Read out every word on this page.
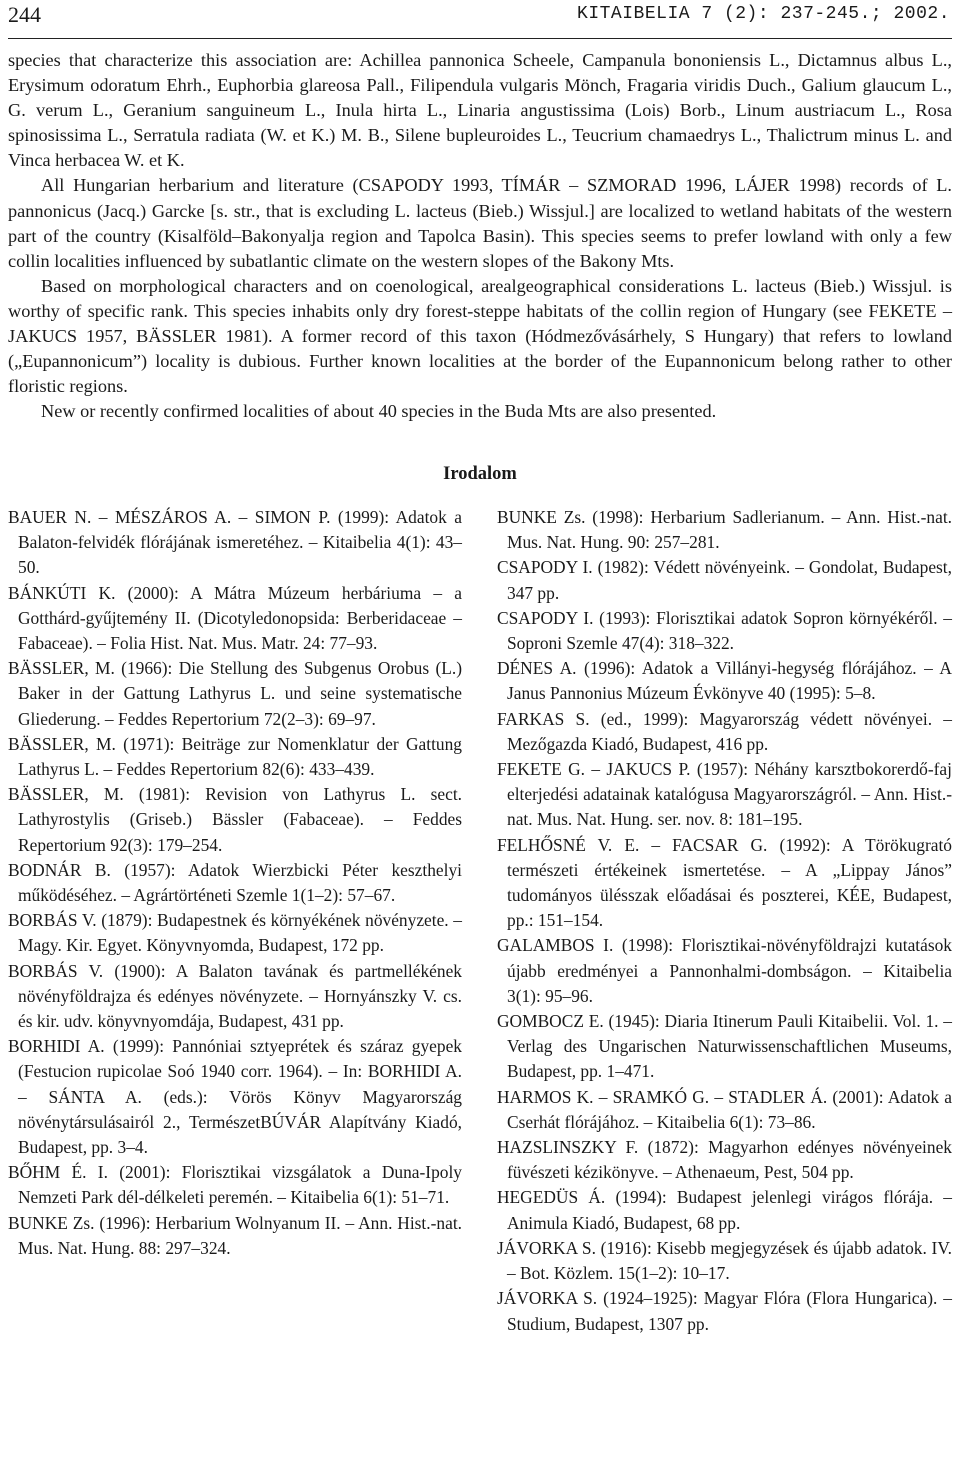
244	KITAIBELIA 7 (2): 237-245.; 2002.

species that characterize this association are: Achillea pannonica Scheele, Campanula bononiensis L., Dictamnus albus L., Erysimum odoratum Ehrh., Euphorbia glareosa Pall., Filipendula vulgaris Mönch, Fragaria viridis Duch., Galium glaucum L., G. verum L., Geranium sanguineum L., Inula hirta L., Linaria angustissima (Lois) Borb., Linum austriacum L., Rosa spinosissima L., Serratula radiata (W. et K.) M. B., Silene bupleuroides L., Teucrium chamaedrys L., Thalictrum minus L. and Vinca herbacea W. et K.

All Hungarian herbarium and literature (CSAPODY 1993, TÍMÁR – SZMORAD 1996, LÁJER 1998) records of L. pannonicus (Jacq.) Garcke [s. str., that is excluding L. lacteus (Bieb.) Wissjul.] are localized to wetland habitats of the western part of the country (Kisalföld–Bakonyalja region and Tapolca Basin). This species seems to prefer lowland with only a few collin localities influenced by subatlantic climate on the western slopes of the Bakony Mts.

Based on morphological characters and on coenological, arealgeographical considerations L. lacteus (Bieb.) Wissjul. is worthy of specific rank. This species inhabits only dry forest-steppe habitats of the collin region of Hungary (see FEKETE – JAKUCS 1957, BÄSSLER 1981). A former record of this taxon (Hódmezővásárhely, S Hungary) that refers to lowland („Eupannonicum”) locality is dubious. Further known localities at the border of the Eupannonicum belong rather to other floristic regions.

New or recently confirmed localities of about 40 species in the Buda Mts are also presented.

Irodalom

BAUER N. – MÉSZÁROS A. – SIMON P. (1999): Adatok a Balaton-felvidék flórájának ismeretéhez. – Kitaibelia 4(1): 43–50.

BÁNKÚTI K. (2000): A Mátra Múzeum herbáriuma – a Gotthárd-gyűjtemény II. (Dicotyledonopsida: Berberidaceae – Fabaceae). – Folia Hist. Nat. Mus. Matr. 24: 77–93.

BÄSSLER, M. (1966): Die Stellung des Subgenus Orobus (L.) Baker in der Gattung Lathyrus L. und seine systematische Gliederung. – Feddes Repertorium 72(2–3): 69–97.

BÄSSLER, M. (1971): Beiträge zur Nomenklatur der Gattung Lathyrus L. – Feddes Repertorium 82(6): 433–439.

BÄSSLER, M. (1981): Revision von Lathyrus L. sect. Lathyrostylis (Griseb.) Bässler (Fabaceae). – Feddes Repertorium 92(3): 179–254.

BODNÁR B. (1957): Adatok Wierzbicki Péter keszthelyi működéséhez. – Agrártörténeti Szemle 1(1–2): 57–67.

BORBÁS V. (1879): Budapestnek és környékének növényzete. – Magy. Kir. Egyet. Könyvnyomda, Budapest, 172 pp.

BORBÁS V. (1900): A Balaton tavának és partmellékének növényföldrajza és edényes növényzete. – Hornyánszky V. cs. és kir. udv. könyvnyomdája, Budapest, 431 pp.

BORHIDI A. (1999): Pannóniai sztyeprétek és száraz gyepek (Festucion rupicolae Soó 1940 corr. 1964). – In: BORHIDI A. – SÁNTA A. (eds.): Vörös Könyv Magyarország növénytársulásairól 2., TermészetBÚVÁR Alapítvány Kiadó, Budapest, pp. 3–4.

BŐHM É. I. (2001): Florisztikai vizsgálatok a Duna-Ipoly Nemzeti Park dél-délkeleti peremén. – Kitaibelia 6(1): 51–71.

BUNKE Zs. (1996): Herbarium Wolnyanum II. – Ann. Hist.-nat. Mus. Nat. Hung. 88: 297–324.

BUNKE Zs. (1998): Herbarium Sadlerianum. – Ann. Hist.-nat. Mus. Nat. Hung. 90: 257–281.

CSAPODY I. (1982): Védett növényeink. – Gondolat, Budapest, 347 pp.

CSAPODY I. (1993): Florisztikai adatok Sopron környékéről. – Soproni Szemle 47(4): 318–322.

DÉNES A. (1996): Adatok a Villányi-hegység flórájához. – A Janus Pannonius Múzeum Évkönyve 40 (1995): 5–8.

FARKAS S. (ed., 1999): Magyarország védett növényei. – Mezőgazda Kiadó, Budapest, 416 pp.

FEKETE G. – JAKUCS P. (1957): Néhány karsztbokorerdő-faj elterjedési adatainak katalógusa Magyarországról. – Ann. Hist.-nat. Mus. Nat. Hung. ser. nov. 8: 181–195.

FELHŐSNÉ V. E. – FACSAR G. (1992): A Törökugrató természeti értékeinek ismertetése. – A „Lippay János” tudományos ülésszak előadásai és poszterei, KÉE, Budapest, pp.: 151–154.

GALAMBOS I. (1998): Florisztikai-növényföldrajzi kutatások újabb eredményei a Pannonhalmi-dombságon. – Kitaibelia 3(1): 95–96.

GOMBOCZ E. (1945): Diaria Itinerum Pauli Kitaibelii. Vol. 1. – Verlag des Ungarischen Naturwissenschaftlichen Museums, Budapest, pp. 1–471.

HARMOS K. – SRAMKÓ G. – STADLER Á. (2001): Adatok a Cserhát flórájához. – Kitaibelia 6(1): 73–86.

HAZSLINSZKY F. (1872): Magyarhon edényes növényeinek füvészeti kézikönyve. – Athenaeum, Pest, 504 pp.

HEGEDÜS Á. (1994): Budapest jelenlegi virágos flórája. – Animula Kiadó, Budapest, 68 pp.

JÁVORKA S. (1916): Kisebb megjegyzések és újabb adatok. IV. – Bot. Közlem. 15(1–2): 10–17.

JÁVORKA S. (1924–1925): Magyar Flóra (Flora Hungarica). – Studium, Budapest, 1307 pp.
